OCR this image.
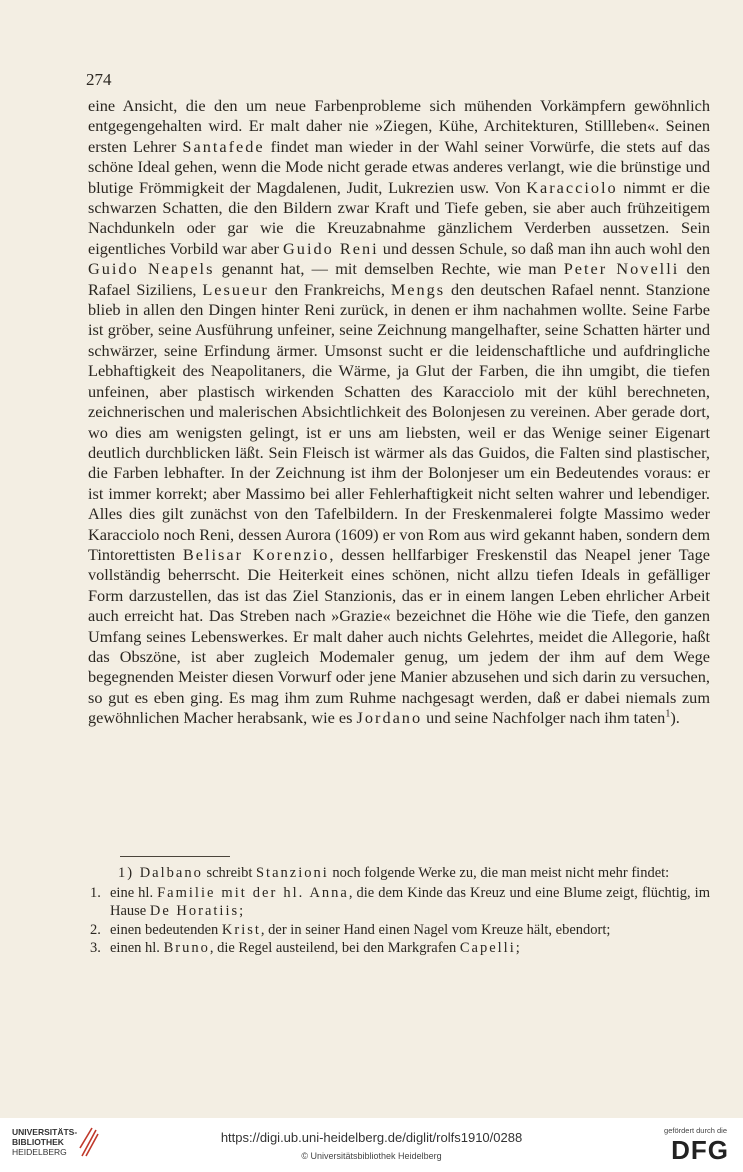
274

eine Ansicht, die den um neue Farbenprobleme sich mühenden Vorkämpfern gewöhnlich entgegengehalten wird. Er malt daher nie »Ziegen, Kühe, Architekturen, Stillleben«. Seinen ersten Lehrer Santafede findet man wieder in der Wahl seiner Vorwürfe, die stets auf das schöne Ideal gehen, wenn die Mode nicht gerade etwas anderes verlangt, wie die brünstige und blutige Frömmigkeit der Magdalenen, Judit, Lukrezien usw. Von Karacciolo nimmt er die schwarzen Schatten, die den Bildern zwar Kraft und Tiefe geben, sie aber auch frühzeitigem Nachdunkeln oder gar wie die Kreuzabnahme gänzlichem Verderben aussetzen. Sein eigentliches Vorbild war aber Guido Reni und dessen Schule, so daß man ihn auch wohl den Guido Neapels genannt hat, — mit demselben Rechte, wie man Peter Novelli den Rafael Siziliens, Lesueur den Frankreichs, Mengs den deutschen Rafael nennt. Stanzione blieb in allen den Dingen hinter Reni zurück, in denen er ihm nachahmen wollte. Seine Farbe ist gröber, seine Ausführung unfeiner, seine Zeichnung mangelhafter, seine Schatten härter und schwärzer, seine Erfindung ärmer. Umsonst sucht er die leidenschaftliche und aufdringliche Lebhaftigkeit des Neapolitaners, die Wärme, ja Glut der Farben, die ihn umgibt, die tiefen unfeinen, aber plastisch wirkenden Schatten des Karacciolo mit der kühl berechneten, zeichnerischen und malerischen Absichtlichkeit des Bolonjesen zu vereinen. Aber gerade dort, wo dies am wenigsten gelingt, ist er uns am liebsten, weil er das Wenige seiner Eigenart deutlich durchblicken läßt. Sein Fleisch ist wärmer als das Guidos, die Falten sind plastischer, die Farben lebhafter. In der Zeichnung ist ihm der Bolonjeser um ein Bedeutendes voraus: er ist immer korrekt; aber Massimo bei aller Fehlerhaftigkeit nicht selten wahrer und lebendiger. Alles dies gilt zunächst von den Tafelbildern. In der Freskenmalerei folgte Massimo weder Karacciolo noch Reni, dessen Aurora (1609) er von Rom aus wird gekannt haben, sondern dem Tintorettisten Belisar Korenzio, dessen hellfarbiger Freskenstil das Neapel jener Tage vollständig beherrscht. Die Heiterkeit eines schönen, nicht allzu tiefen Ideals in gefälliger Form darzustellen, das ist das Ziel Stanzionis, das er in einem langen Leben ehrlicher Arbeit auch erreicht hat. Das Streben nach »Grazie« bezeichnet die Höhe wie die Tiefe, den ganzen Umfang seines Lebenswerkes. Er malt daher auch nichts Gelehrtes, meidet die Allegorie, haßt das Obszöne, ist aber zugleich Modemaler genug, um jedem der ihm auf dem Wege begegnenden Meister diesen Vorwurf oder jene Manier abzusehen und sich darin zu versuchen, so gut es eben ging. Es mag ihm zum Ruhme nachgesagt werden, daß er dabei niemals zum gewöhnlichen Macher herabsank, wie es Jordano und seine Nachfolger nach ihm taten$^1$).

1) Dalbano schreibt Stanzioni noch folgende Werke zu, die man meist nicht mehr findet:

1. eine hl. Familie mit der hl. Anna, die dem Kinde das Kreuz und eine Blume zeigt, flüchtig, im Hause De Horatiis;
2. einen bedeutenden Krist, der in seiner Hand einen Nagel vom Kreuze hält, ebendort;
3. einen hl. Bruno, die Regel austeilend, bei den Markgrafen Capelli;
UNIVERSITÄTS-
BIBLIOTHEK
HEIDELBERG
https://digi.ub.uni-heidelberg.de/diglit/rolfs1910/0288
© Universitätsbibliothek Heidelberg
gefördert durch die
DFG
